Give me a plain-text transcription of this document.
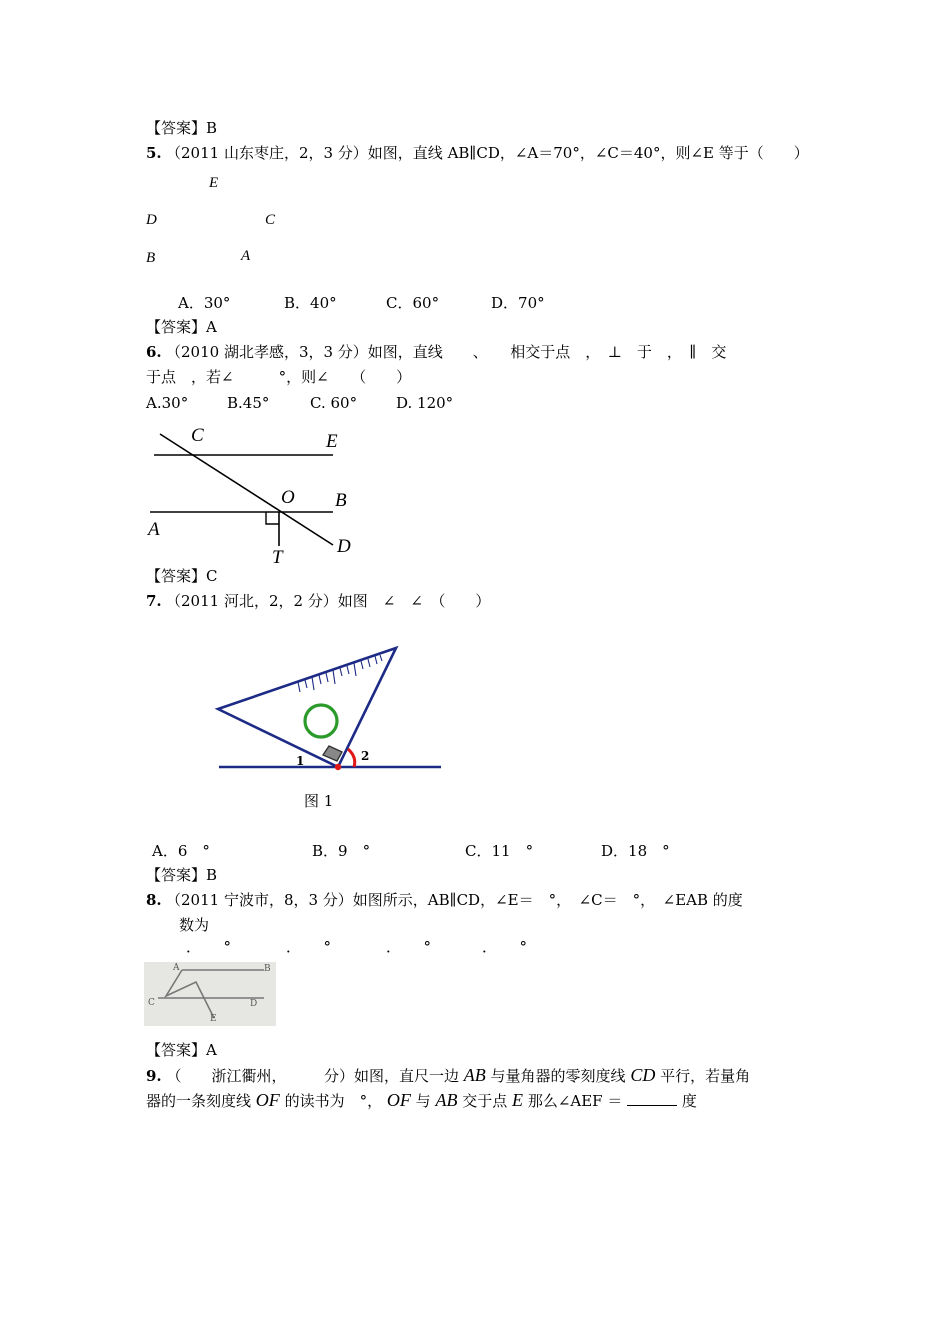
【答案】B
5. （2011 山东枣庄，2，3 分）如图，直线 AB∥CD，∠A＝70°，∠C＝40°，则∠E 等于（　　）
E
D	C
B	A
A．30°	B．40°	C．60°	D．70°
【答案】A
6. （2010 湖北孝感，3，3 分）如图，直线　　、　　相交于点　，　⊥　于　，　∥　交
于点　，若∠　　　°，则∠　　（　　）
A.30°	B.45°	C. 60°	D. 120°
C	E
O B
A
D
T
【答案】C
7. （2011 河北，2，2 分）如图　∠　∠　（　　）
1	2
图 1
A．6　°	B．9　°	C．11　°	D．18　°
【答案】B
8. （2011 宁波市，8，3 分）如图所示，AB∥CD，∠E＝　°，　∠C＝　°，　∠EAB 的度
数为
．　　°	．　　°	．　　°	．　　°
A	B
C	D
E
【答案】A
9. （　　浙江衢州，　　　分）如图，直尺一边 AB 与量角器的零刻度线 CD 平行，若量角
器的一条刻度线 OF 的读书为　°， OF 与 AB 交于点 E 那么∠AEF ＝	度
